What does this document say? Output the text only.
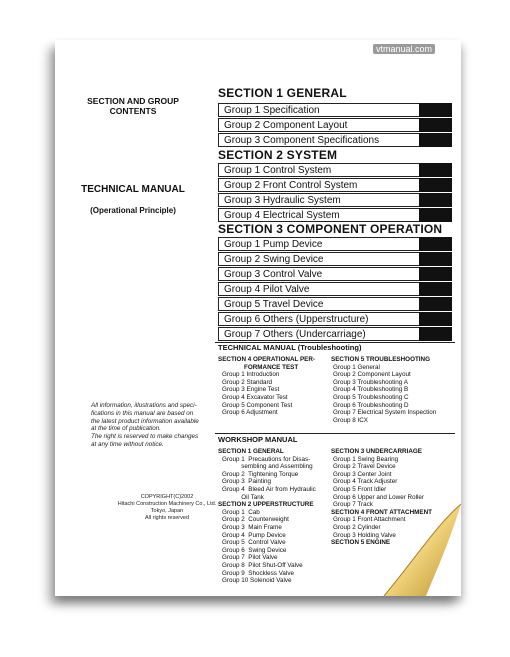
vtmanual.com
SECTION AND GROUP
CONTENTS
TECHNICAL MANUAL
(Operational Principle)
All information, illustrations and speci-
fications in this manual are based on
the latest product information available
at the time of publication.
The right is reserved to make changes
at any time without notice.
COPYRIGHT(C)2002
Hitachi Construction Machinery Co., Ltd.
Tokyo, Japan
All rights reserved
SECTION 1 GENERAL
Group 1 Specification
Group 2 Component Layout
Group 3 Component Specifications
SECTION 2 SYSTEM
Group 1 Control System
Group 2 Front Control System
Group 3 Hydraulic System
Group 4 Electrical System
SECTION 3 COMPONENT OPERATION
Group 1 Pump Device
Group 2 Swing Device
Group 3 Control Valve
Group 4 Pilot Valve
Group 5 Travel Device
Group 6 Others (Upperstructure)
Group 7 Others (Undercarriage)
TECHNICAL MANUAL (Troubleshooting)
SECTION 4 OPERATIONAL PER-
FORMANCE TEST
Group 1 Introduction
Group 2 Standard
Group 3 Engine Test
Group 4 Excavator Test
Group 5 Component Test
Group 6 Adjustment
SECTION 5 TROUBLESHOOTING
Group 1 General
Group 2 Component Layout
Group 3 Troubleshooting A
Group 4 Troubleshooting B
Group 5 Troubleshooting C
Group 6 Troubleshooting D
Group 7 Electrical System Inspection
Group 8 ICX
WORKSHOP MANUAL
SECTION 1 GENERAL
Group 1  Precautions for Disas-
sembling and Assembling
Group 2  Tightening Torque
Group 3  Painting
Group 4  Bleed Air from Hydraulic
Oil Tank
SECTION 2 UPPERSTRUCTURE
Group 1  Cab
Group 2  Counterweight
Group 3  Main Frame
Group 4  Pump Device
Group 5  Control Valve
Group 6  Swing Device
Group 7  Pilot Valve
Group 8  Pilot Shut-Off Valve
Group 9  Shockless Valve
Group 10 Solenoid Valve
SECTION 3 UNDERCARRIAGE
Group 1 Swing Bearing
Group 2 Travel Device
Group 3 Center Joint
Group 4 Track Adjuster
Group 5 Front Idler
Group 6 Upper and Lower Roller
Group 7 Track
SECTION 4 FRONT ATTACHMENT
Group 1 Front Attachment
Group 2 Cylinder
Group 3 Holding Valve
SECTION 5 ENGINE
